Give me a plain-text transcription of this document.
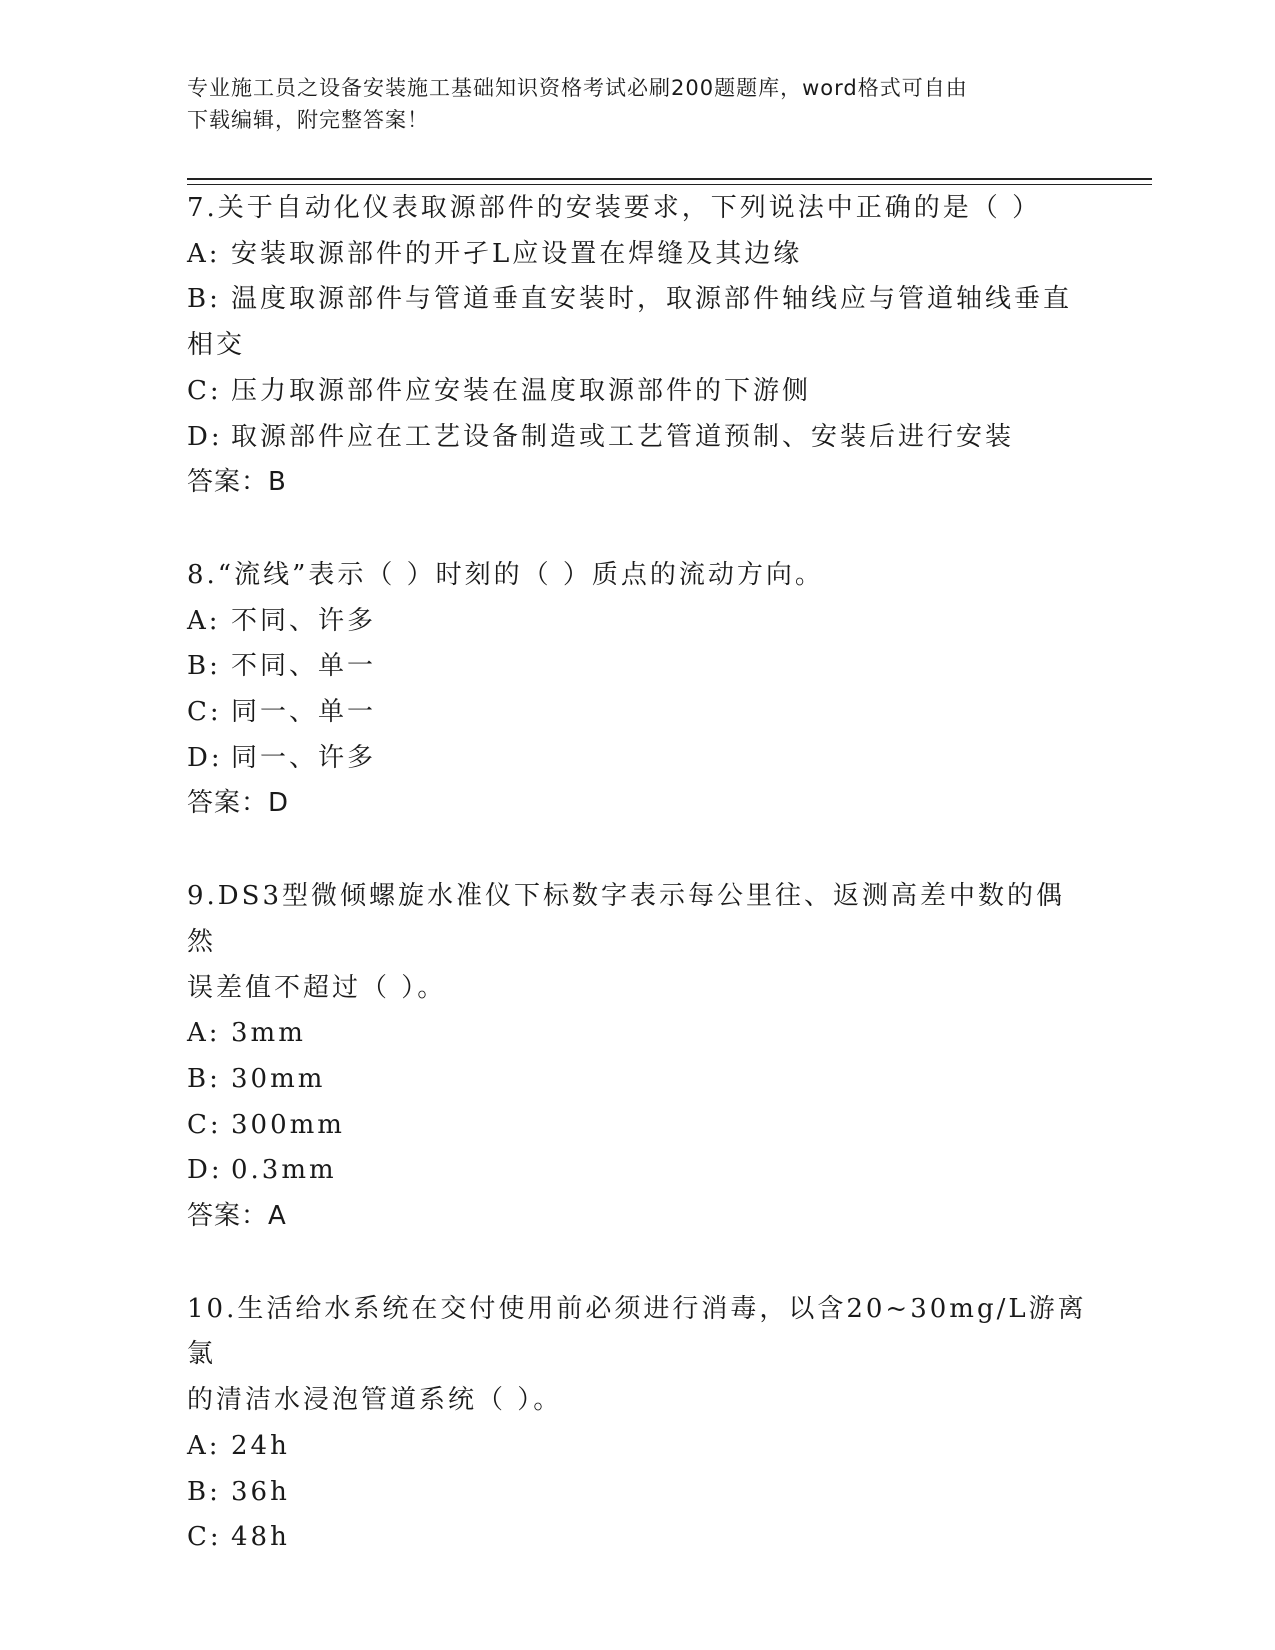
专业施工员之设备安装施工基础知识资格考试必刷200题题库，word格式可自由
下载编辑，附完整答案！
7.关于自动化仪表取源部件的安装要求，下列说法中正确的是（ ）
A: 安装取源部件的开孑L应设置在焊缝及其边缘
B: 温度取源部件与管道垂直安装时，取源部件轴线应与管道轴线垂直
相交
C: 压力取源部件应安装在温度取源部件的下游侧
D: 取源部件应在工艺设备制造或工艺管道预制、安装后进行安装
答案：B
8.“流线”表示（ ）时刻的（ ）质点的流动方向。
A: 不同、许多
B: 不同、单一
C: 同一、单一
D: 同一、许多
答案：D
9.DS3型微倾螺旋水准仪下标数字表示每公里往、返测高差中数的偶然
误差值不超过（ ）。
A: 3mm
B: 30mm
C: 300mm
D: 0.3mm
答案：A
10.生活给水系统在交付使用前必须进行消毒，以含20~30mg/L游离氯
的清洁水浸泡管道系统（ ）。
A: 24h
B: 36h
C: 48h
